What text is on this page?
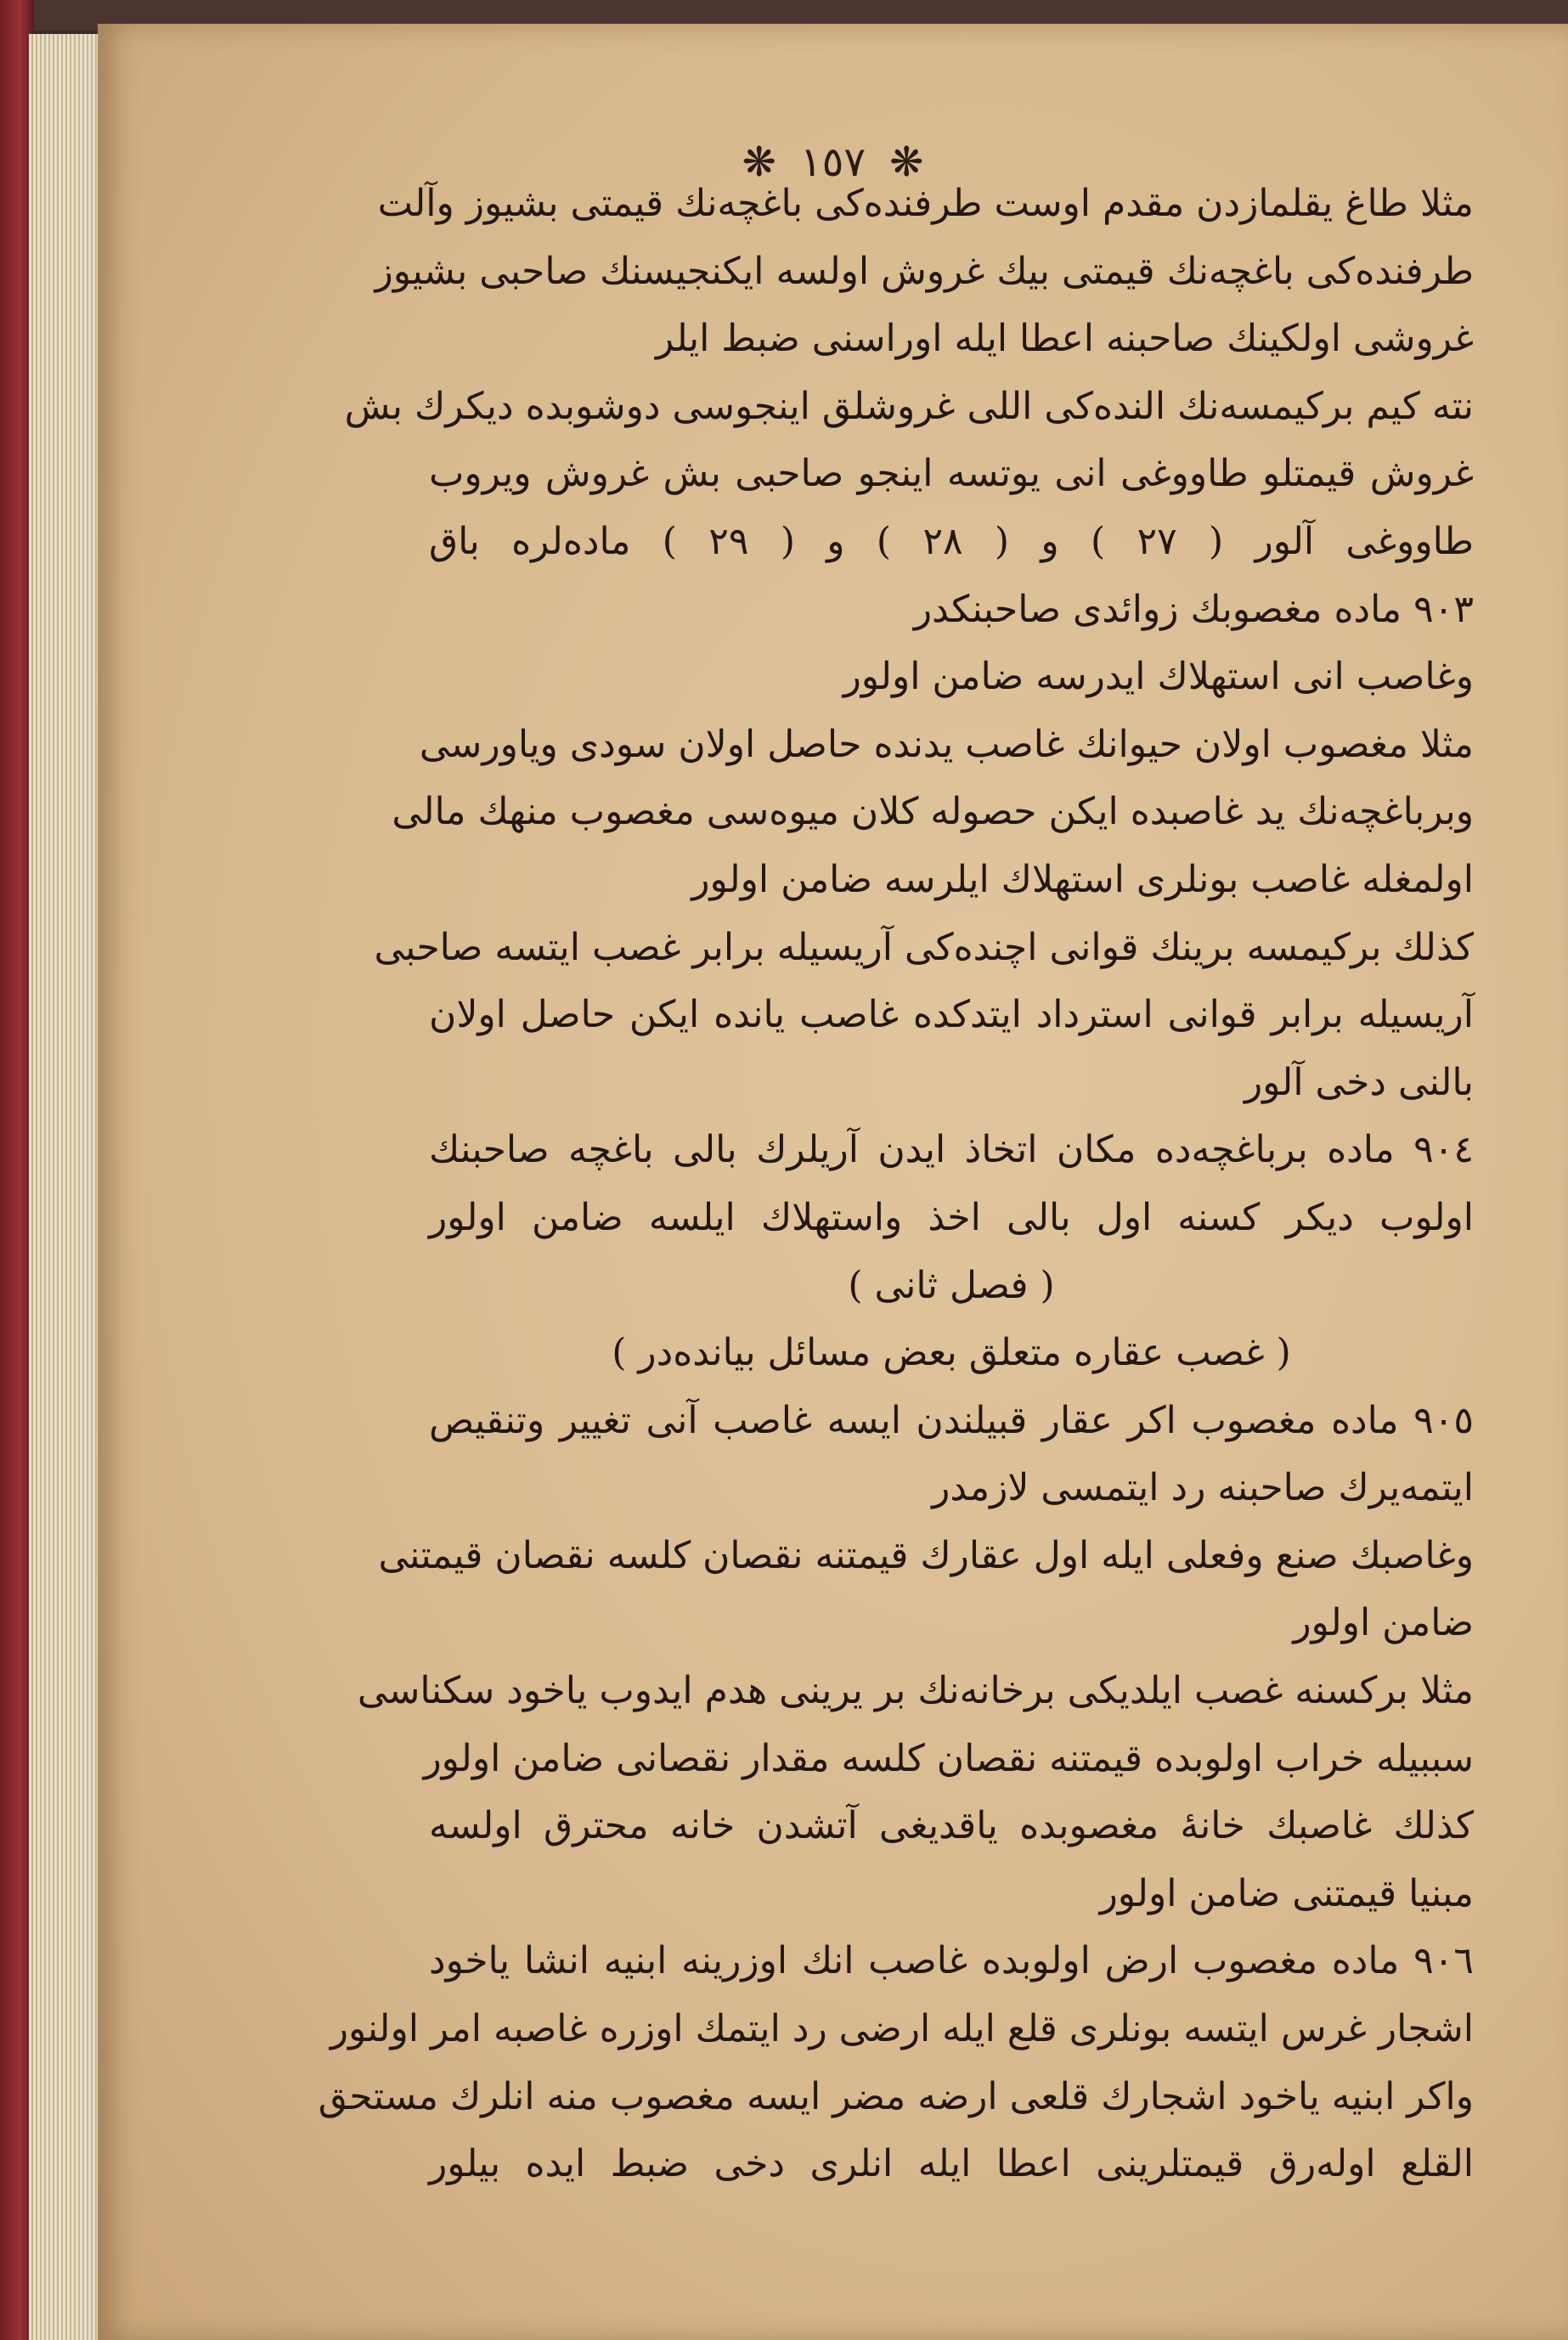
❋ ١٥٧ ❋
مثلا طاغ يقلمازدن مقدم اوست طرفنده‌کی باغچه‌نك قيمتی بشيوز وآلت
طرفنده‌کی باغچه‌نك قيمتی بيك غروش اولسه ايكنجيسنك صاحبی بشيوز
غروشی اولكينك صاحبنه اعطا ايله اوراسنی ضبط ايلر
نته كيم بركيمسه‌نك النده‌کی اللی غروشلق اينجوسی دوشوبده ديكرك بش
غروش قيمتلو طاووغی انی يوتسه اينجو صاحبی بش غروش ويروب
طاووغی آلور ( ٢٧ ) و ( ٢٨ ) و ( ٢٩ ) ماده‌لره باق
٩٠٣ ماده مغصوبك زوائدی صاحبنكدر
وغاصب انی استهلاك ايدرسه ضامن اولور
مثلا مغصوب اولان حيوانك غاصب يدنده حاصل اولان سودی وياورسی
وبرباغچه‌نك يد غاصبده ايكن حصوله كلان ميوه‌سی مغصوب منهك مالی
اولمغله غاصب بونلری استهلاك ايلرسه ضامن اولور
كذلك بركيمسه برينك قوانی اچنده‌کی آريسيله برابر غصب ايتسه صاحبی
آريسيله برابر قوانی استرداد ايتدكده غاصب يانده ايكن حاصل اولان
بالنی دخی آلور
٩٠٤ ماده برباغچه‌ده مكان اتخاذ ايدن آريلرك بالی باغچه صاحبنك
اولوب ديكر كسنه اول بالی اخذ واستهلاك ايلسه ضامن اولور
( فصل ثانی )
( غصب عقاره متعلق بعض مسائل بيانده‌در )
٩٠٥ ماده مغصوب اكر عقار قبيلندن ايسه غاصب آنی تغيير وتنقيص
ايتمه‌يرك صاحبنه رد ايتمسی لازمدر
وغاصبك صنع وفعلی ايله اول عقارك قيمتنه نقصان كلسه نقصان قيمتنی
ضامن اولور
مثلا بركسنه غصب ايلديكی برخانه‌نك بر يرينی هدم ايدوب ياخود سكناسی
سببيله خراب اولوبده قيمتنه نقصان كلسه مقدار نقصانی ضامن اولور
كذلك غاصبك خانهٔ مغصوبده ياقديغی آتشدن خانه محترق اولسه
مبنيا قيمتنی ضامن اولور
٩٠٦ ماده مغصوب ارض اولوبده غاصب انك اوزرينه ابنيه انشا ياخود
اشجار غرس ايتسه بونلری قلع ايله ارضی رد ايتمك اوزره غاصبه امر اولنور
واكر ابنيه ياخود اشجارك قلعی ارضه مضر ايسه مغصوب منه انلرك مستحق
القلع اوله‌رق قيمتلرينی اعطا ايله انلری دخی ضبط ايده بيلور
